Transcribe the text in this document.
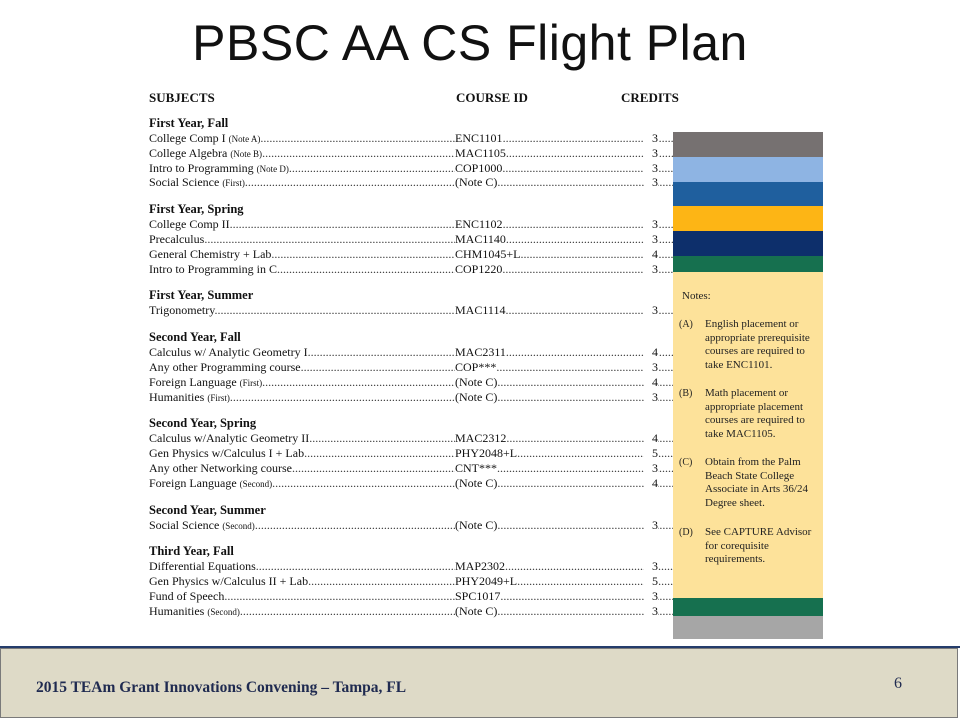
PBSC AA CS Flight Plan
SUBJECTS	COURSE ID	CREDITS
First Year, Fall
College Comp I (Note A) .....	ENC1101 .....	3
College Algebra (Note B) .....	MAC1105 .....	3
Intro to Programming (Note D) .....	COP1000 .....	3
Social Science (First) .....	(Note C) .....	3
First Year, Spring
College Comp II .....	ENC1102 .....	3
Precalculus .....	MAC1140 .....	3
General Chemistry + Lab .....	CHM1045+L .....	4
Intro to Programming in C .....	COP1220 .....	3
First Year, Summer
Trigonometry .....	MAC1114 .....	3
Second Year, Fall
Calculus w/ Analytic Geometry I .....	MAC2311 .....	4
Any other Programming course .....	COP*** .....	3
Foreign Language (First) .....	(Note C) .....	4
Humanities (First) .....	(Note C) .....	3
Second Year, Spring
Calculus w/Analytic Geometry II .....	MAC2312 .....	4
Gen Physics w/Calculus I + Lab .....	PHY2048+L .....	5
Any other Networking course .....	CNT*** .....	3
Foreign Language (Second) .....	(Note C) .....	4
Second Year, Summer
Social Science (Second) .....	(Note C) .....	3
Third Year, Fall
Differential Equations .....	MAP2302 .....	3
Gen Physics w/Calculus II + Lab .....	PHY2049+L .....	5
Fund of Speech .....	SPC1017 .....	3
Humanities (Second) .....	(Note C) .....	3
Notes:
(A) English placement or appropriate prerequisite courses are required to take ENC1101.
(B) Math placement or appropriate placement courses are required to take MAC1105.
(C) Obtain from the Palm Beach State College Associate in Arts 36/24 Degree sheet.
(D) See CAPTURE Advisor for corequisite requirements.
2015 TEAm Grant Innovations Convening – Tampa, FL	6
